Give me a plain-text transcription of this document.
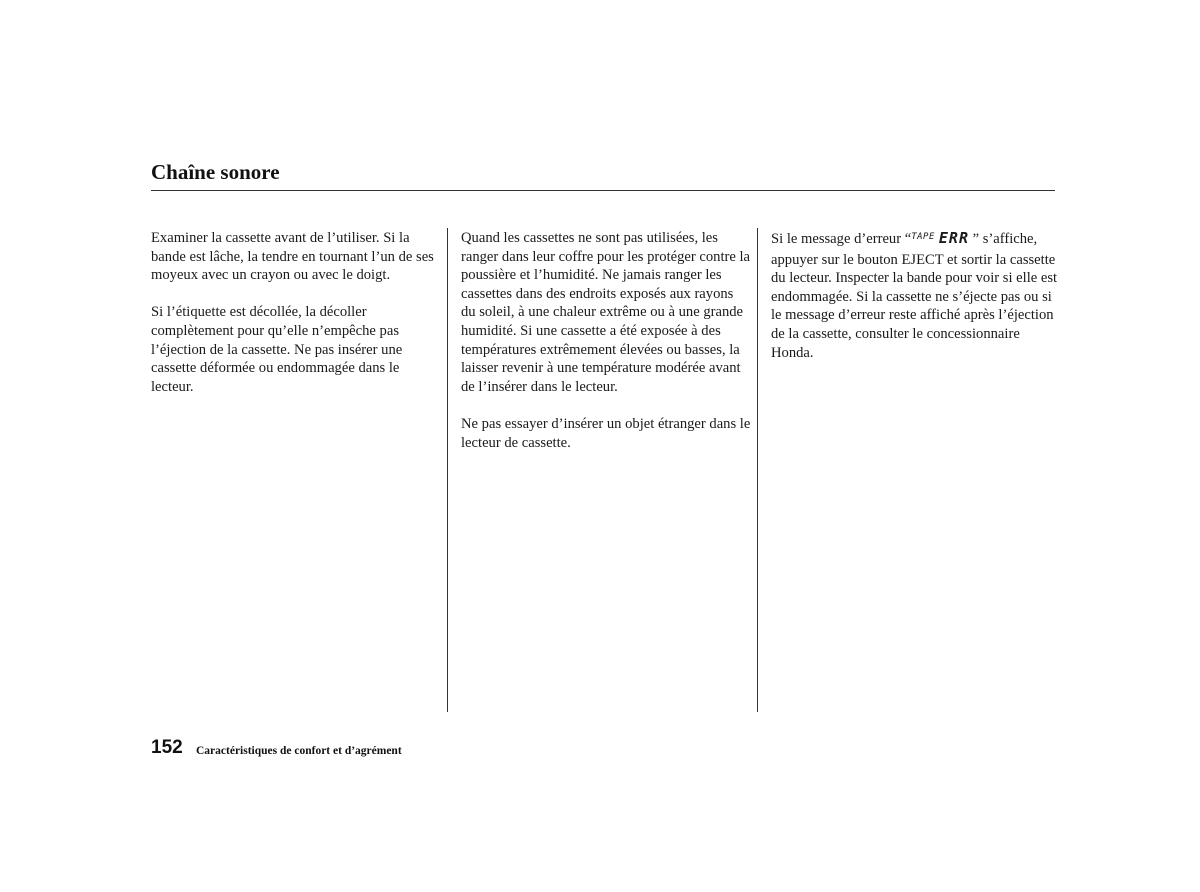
Chaîne sonore

Examiner la cassette avant de l’utiliser. Si la bande est lâche, la tendre en tournant l’un de ses moyeux avec un crayon ou avec le doigt.

Si l’étiquette est décollée, la décoller complètement pour qu’elle n’empêche pas l’éjection de la cassette. Ne pas insérer une cassette déformée ou endommagée dans le lecteur.

Quand les cassettes ne sont pas utilisées, les ranger dans leur coffre pour les protéger contre la poussière et l’humidité. Ne jamais ranger les cassettes dans des endroits exposés aux rayons du soleil, à une chaleur extrême ou à une grande humidité. Si une cassette a été exposée à des températures extrêmement élevées ou basses, la laisser revenir à une température modérée avant de l’insérer dans le lecteur.

Ne pas essayer d’insérer un objet étranger dans le lecteur de cassette.

Si le message d’erreur “$^{TAPE}$ ERR ” s’affiche, appuyer sur le bouton EJECT et sortir la cassette du lecteur. Inspecter la bande pour voir si elle est endommagée. Si la cassette ne s’éjecte pas ou si le message d’erreur reste affiché après l’éjection de la cassette, consulter le concessionnaire Honda.

152 Caractéristiques de confort et d’agrément
